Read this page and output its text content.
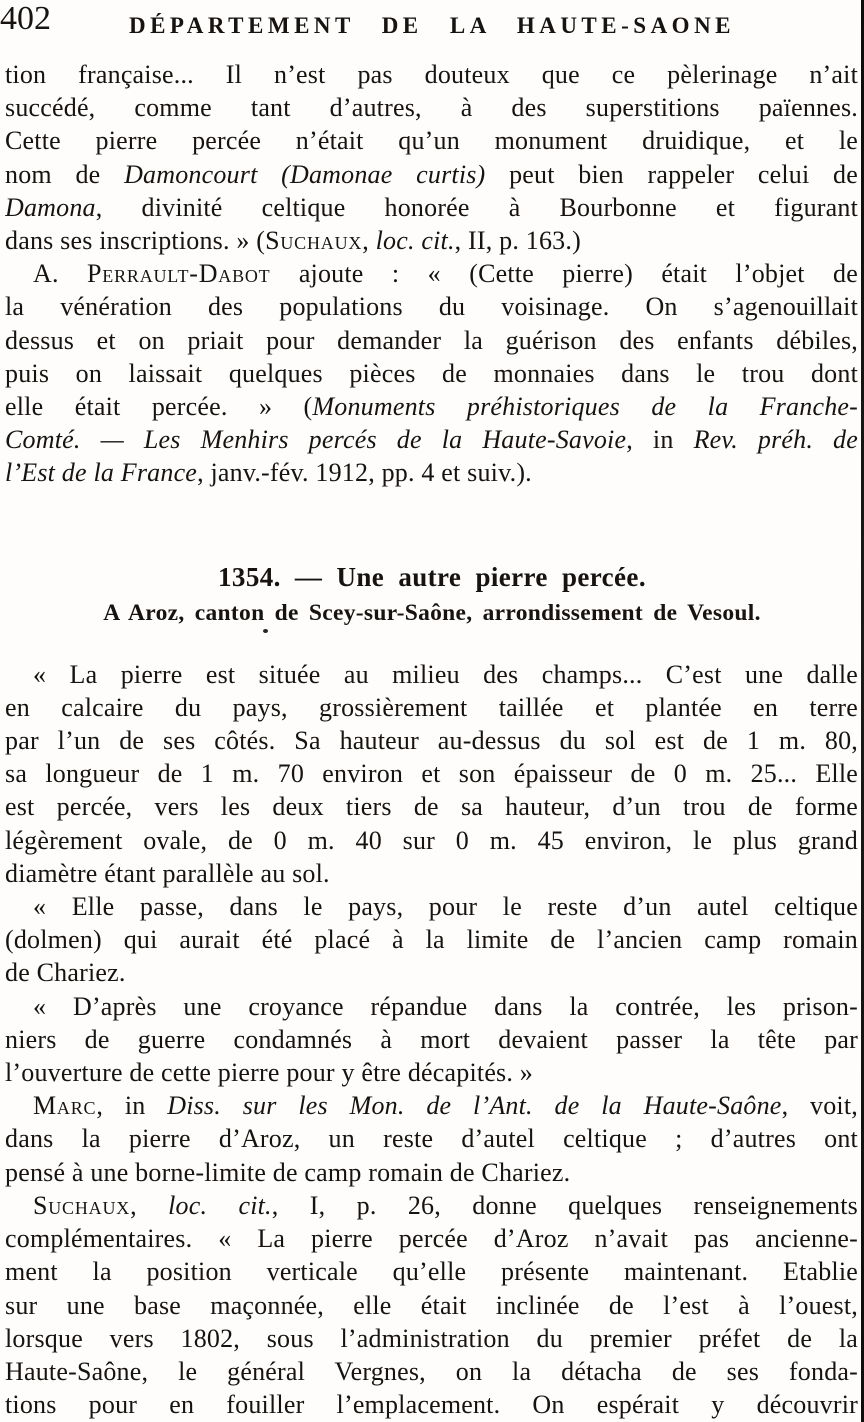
402	DÉPARTEMENT DE LA HAUTE-SAONE
tion française... Il n’est pas douteux que ce pèlerinage n’ait
succédé, comme tant d’autres, à des superstitions païennes.
Cette pierre percée n’était qu’un monument druidique, et le
nom de Damoncourt (Damonae curtis) peut bien rappeler celui de
Damona, divinité celtique honorée à Bourbonne et figurant
dans ses inscriptions. » (Suchaux, loc. cit., II, p. 163.)
A. Perrault-Dabot ajoute : « (Cette pierre) était l’objet de
la vénération des populations du voisinage. On s’agenouillait
dessus et on priait pour demander la guérison des enfants débiles,
puis on laissait quelques pièces de monnaies dans le trou dont
elle était percée. » (Monuments préhistoriques de la Franche-
Comté. — Les Menhirs percés de la Haute-Savoie, in Rev. préh. de
l’Est de la France, janv.-fév. 1912, pp. 4 et suiv.).
1354. — Une autre pierre percée.
A Aroz, canton de Scey-sur-Saône, arrondissement de Vesoul.
« La pierre est située au milieu des champs... C’est une dalle
en calcaire du pays, grossièrement taillée et plantée en terre
par l’un de ses côtés. Sa hauteur au-dessus du sol est de 1 m. 80,
sa longueur de 1 m. 70 environ et son épaisseur de 0 m. 25... Elle
est percée, vers les deux tiers de sa hauteur, d’un trou de forme
légèrement ovale, de 0 m. 40 sur 0 m. 45 environ, le plus grand
diamètre étant parallèle au sol.
« Elle passe, dans le pays, pour le reste d’un autel celtique
(dolmen) qui aurait été placé à la limite de l’ancien camp romain
de Chariez.
« D’après une croyance répandue dans la contrée, les prison-
niers de guerre condamnés à mort devaient passer la tête par
l’ouverture de cette pierre pour y être décapités. »
Marc, in Diss. sur les Mon. de l’Ant. de la Haute-Saône, voit,
dans la pierre d’Aroz, un reste d’autel celtique ; d’autres ont
pensé à une borne-limite de camp romain de Chariez.
Suchaux, loc. cit., I, p. 26, donne quelques renseignements
complémentaires. « La pierre percée d’Aroz n’avait pas ancienne-
ment la position verticale qu’elle présente maintenant. Etablie
sur une base maçonnée, elle était inclinée de l’est à l’ouest,
lorsque vers 1802, sous l’administration du premier préfet de la
Haute-Saône, le général Vergnes, on la détacha de ses fonda-
tions pour en fouiller l’emplacement. On espérait y découvrir
